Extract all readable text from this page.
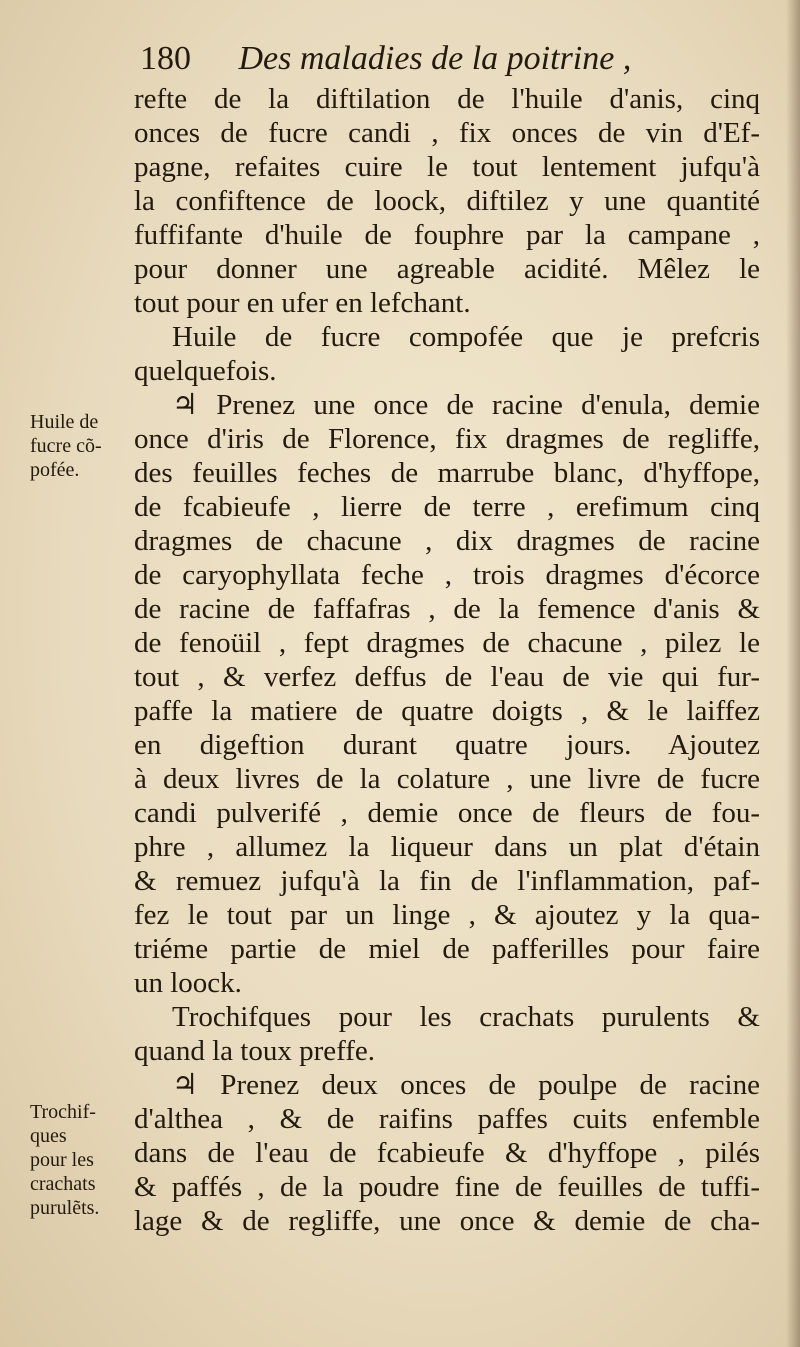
180 Des maladies de la poitrine ,
Huile de
fucre cõ-
pofée.
Trochif-
ques
pour les
crachats
purulẽts.
refte de la diftilation de l'huile d'anis, cinq
onces de fucre candi , fix onces de vin d'Ef-
pagne, refaites cuire le tout lentement jufqu'à
la confiftence de loock, diftilez y une quantité
fuffifante d'huile de fouphre par la campane ,
pour donner une agreable acidité. Mêlez le
tout pour en ufer en lefchant.
Huile de fucre compofée que je prefcris
quelquefois.
♃ Prenez une once de racine d'enula, demie
once d'iris de Florence, fix dragmes de regliffe,
des feuilles feches de marrube blanc, d'hyffope,
de fcabieufe , lierre de terre , erefimum cinq
dragmes de chacune , dix dragmes de racine
de caryophyllata feche , trois dragmes d'écorce
de racine de faffafras , de la femence d'anis &
de fenoüil , fept dragmes de chacune , pilez le
tout , & verfez deffus de l'eau de vie qui fur-
paffe la matiere de quatre doigts , & le laiffez
en digeftion durant quatre jours. Ajoutez
à deux livres de la colature , une livre de fucre
candi pulverifé , demie once de fleurs de fou-
phre , allumez la liqueur dans un plat d'étain
& remuez jufqu'à la fin de l'inflammation, paf-
fez le tout par un linge , & ajoutez y la qua-
triéme partie de miel de pafferilles pour faire
un loock.
Trochifques pour les crachats purulents &
quand la toux preffe.
♃ Prenez deux onces de poulpe de racine
d'althea , & de raifins paffes cuits enfemble
dans de l'eau de fcabieufe & d'hyffope , pilés
& paffés , de la poudre fine de feuilles de tuffi-
lage & de regliffe, une once & demie de cha-
